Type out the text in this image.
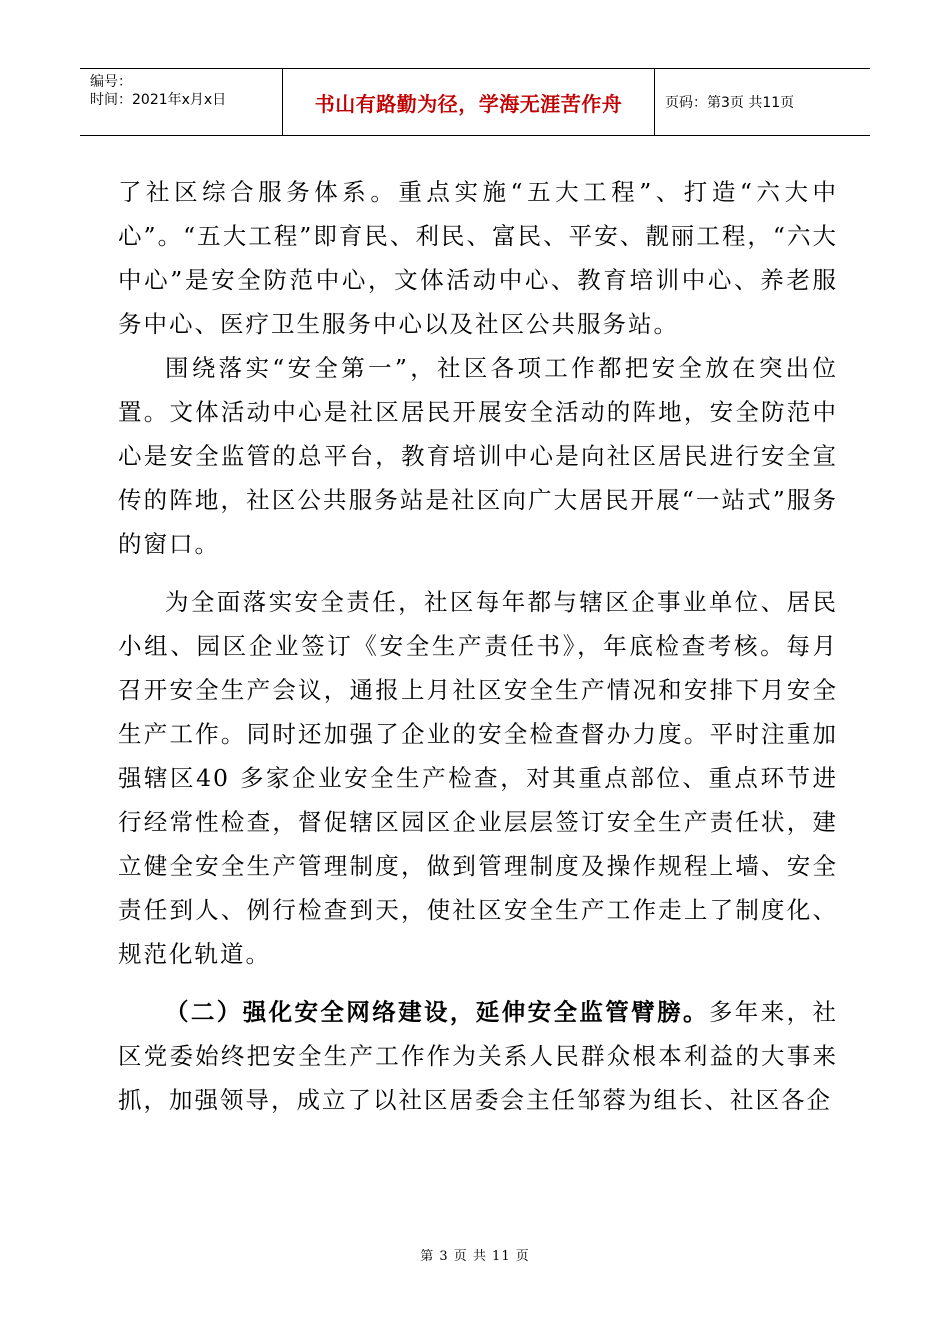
编号：
时间：2021年x月x日	书山有路勤为径，学海无涯苦作舟	页码：第3页 共11页

了社区综合服务体系。重点实施“五大工程”、打造“六大中心”。“五大工程”即育民、利民、富民、平安、靓丽工程，“六大中心”是安全防范中心，文体活动中心、教育培训中心、养老服务中心、医疗卫生服务中心以及社区公共服务站。

围绕落实“安全第一”，社区各项工作都把安全放在突出位置。文体活动中心是社区居民开展安全活动的阵地，安全防范中心是安全监管的总平台，教育培训中心是向社区居民进行安全宣传的阵地，社区公共服务站是社区向广大居民开展“一站式”服务的窗口。

为全面落实安全责任，社区每年都与辖区企事业单位、居民小组、园区企业签订《安全生产责任书》，年底检查考核。每月召开安全生产会议，通报上月社区安全生产情况和安排下月安全生产工作。同时还加强了企业的安全检查督办力度。平时注重加强辖区40 多家企业安全生产检查，对其重点部位、重点环节进行经常性检查，督促辖区园区企业层层签订安全生产责任状，建立健全安全生产管理制度，做到管理制度及操作规程上墙、安全责任到人、例行检查到天，使社区安全生产工作走上了制度化、规范化轨道。

（二）强化安全网络建设，延伸安全监管臂膀。多年来，社区党委始终把安全生产工作作为关系人民群众根本利益的大事来抓，加强领导，成立了以社区居委会主任邹蓉为组长、社区各企

第 3 页 共 11 页
